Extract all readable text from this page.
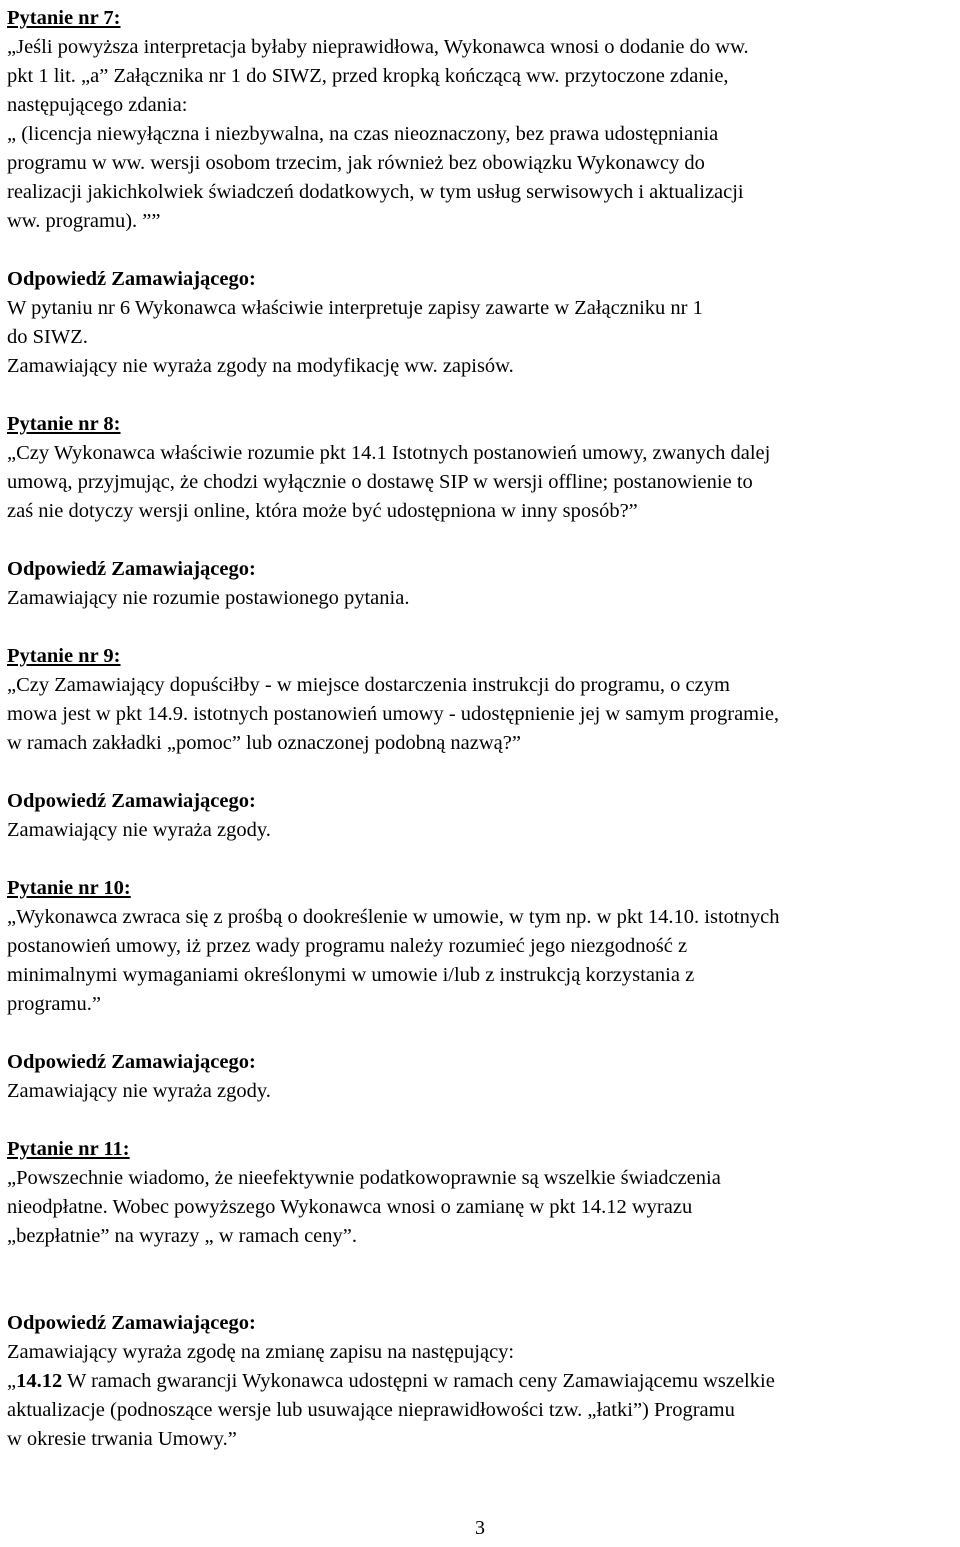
Pytanie nr 7:

„Jeśli powyższa interpretacja byłaby nieprawidłowa, Wykonawca wnosi o dodanie do ww.

pkt 1 lit. „a” Załącznika nr 1 do SIWZ, przed kropką kończącą ww. przytoczone zdanie,

następującego zdania:

„ (licencja niewyłączna i niezbywalna, na czas nieoznaczony, bez prawa udostępniania

programu w ww. wersji osobom trzecim, jak również bez obowiązku Wykonawcy do

realizacji jakichkolwiek świadczeń dodatkowych, w tym usług serwisowych i aktualizacji

ww. programu). ””

Odpowiedź Zamawiającego:

W pytaniu nr 6 Wykonawca właściwie interpretuje zapisy zawarte w Załączniku nr 1

do SIWZ.

Zamawiający nie wyraża zgody na modyfikację ww. zapisów.

Pytanie nr 8:

„Czy Wykonawca właściwie rozumie pkt 14.1 Istotnych postanowień umowy, zwanych dalej

umową, przyjmując, że chodzi wyłącznie o dostawę SIP w wersji offline; postanowienie to

zaś nie dotyczy wersji online, która może być udostępniona w inny sposób?”

Odpowiedź Zamawiającego:

Zamawiający nie rozumie postawionego pytania.

Pytanie nr 9:

„Czy Zamawiający dopuściłby - w miejsce dostarczenia instrukcji do programu, o czym

mowa jest w pkt 14.9. istotnych postanowień umowy - udostępnienie jej w samym programie,

w ramach zakładki „pomoc” lub oznaczonej podobną nazwą?”

Odpowiedź Zamawiającego:

Zamawiający nie wyraża zgody.

Pytanie nr 10:

„Wykonawca zwraca się z prośbą o dookreślenie w umowie, w tym np. w pkt 14.10. istotnych

postanowień umowy, iż przez wady programu należy rozumieć jego niezgodność z

minimalnymi wymaganiami określonymi w umowie i/lub z instrukcją korzystania z

programu.”

Odpowiedź Zamawiającego:

Zamawiający nie wyraża zgody.

Pytanie nr 11:

„Powszechnie wiadomo, że nieefektywnie podatkowoprawnie są wszelkie świadczenia

nieodpłatne. Wobec powyższego Wykonawca wnosi o zamianę w pkt 14.12 wyrazu

„bezpłatnie” na wyrazy „ w ramach ceny”.

Odpowiedź Zamawiającego:

Zamawiający wyraża zgodę na zmianę zapisu na następujący:

„14.12 W ramach gwarancji Wykonawca udostępni w ramach ceny Zamawiającemu wszelkie

aktualizacje (podnoszące wersje lub usuwające nieprawidłowości tzw. „łatki”) Programu

w okresie trwania Umowy.”

3
